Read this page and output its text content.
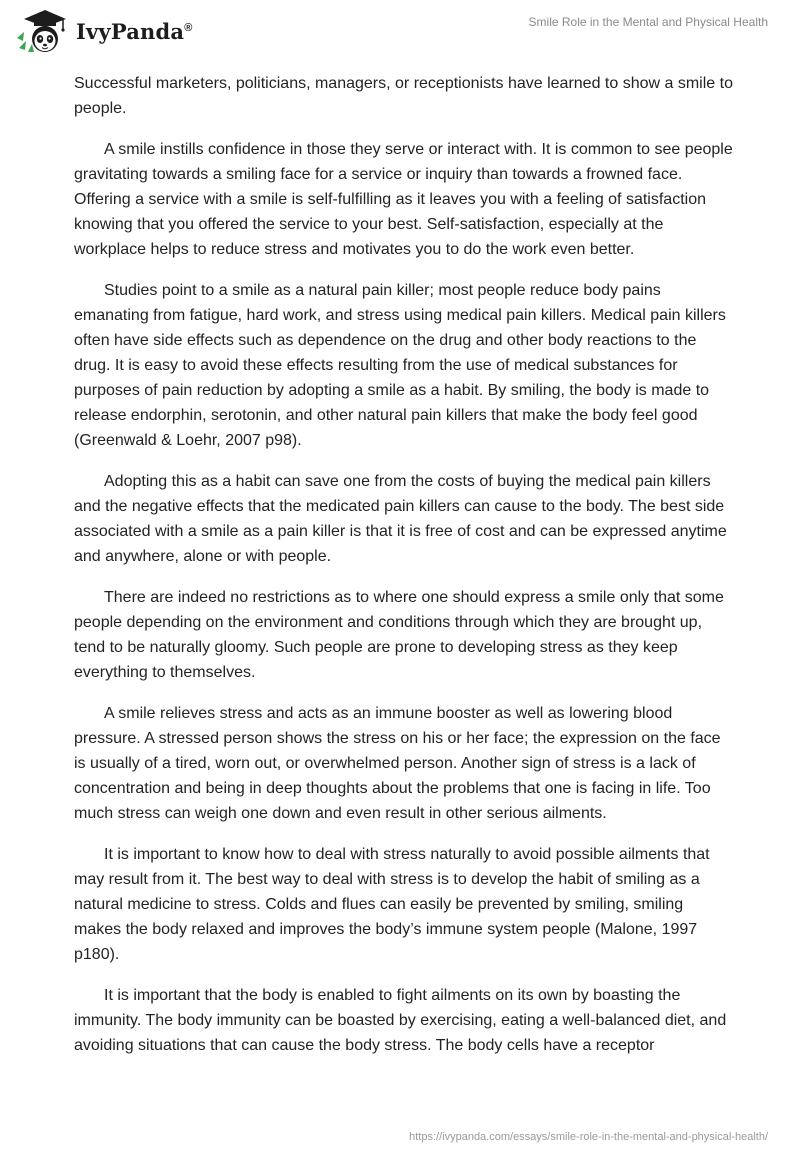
IvyPanda®	Smile Role in the Mental and Physical Health

Successful marketers, politicians, managers, or receptionists have learned to show a smile to people.

A smile instills confidence in those they serve or interact with. It is common to see people gravitating towards a smiling face for a service or inquiry than towards a frowned face. Offering a service with a smile is self-fulfilling as it leaves you with a feeling of satisfaction knowing that you offered the service to your best. Self-satisfaction, especially at the workplace helps to reduce stress and motivates you to do the work even better.

Studies point to a smile as a natural pain killer; most people reduce body pains emanating from fatigue, hard work, and stress using medical pain killers. Medical pain killers often have side effects such as dependence on the drug and other body reactions to the drug. It is easy to avoid these effects resulting from the use of medical substances for purposes of pain reduction by adopting a smile as a habit. By smiling, the body is made to release endorphin, serotonin, and other natural pain killers that make the body feel good (Greenwald & Loehr, 2007 p98).

Adopting this as a habit can save one from the costs of buying the medical pain killers and the negative effects that the medicated pain killers can cause to the body. The best side associated with a smile as a pain killer is that it is free of cost and can be expressed anytime and anywhere, alone or with people.

There are indeed no restrictions as to where one should express a smile only that some people depending on the environment and conditions through which they are brought up, tend to be naturally gloomy. Such people are prone to developing stress as they keep everything to themselves.

A smile relieves stress and acts as an immune booster as well as lowering blood pressure. A stressed person shows the stress on his or her face; the expression on the face is usually of a tired, worn out, or overwhelmed person. Another sign of stress is a lack of concentration and being in deep thoughts about the problems that one is facing in life. Too much stress can weigh one down and even result in other serious ailments.

It is important to know how to deal with stress naturally to avoid possible ailments that may result from it. The best way to deal with stress is to develop the habit of smiling as a natural medicine to stress. Colds and flues can easily be prevented by smiling, smiling makes the body relaxed and improves the body’s immune system people (Malone, 1997 p180).

It is important that the body is enabled to fight ailments on its own by boasting the immunity. The body immunity can be boasted by exercising, eating a well-balanced diet, and avoiding situations that can cause the body stress. The body cells have a receptor

https://ivypanda.com/essays/smile-role-in-the-mental-and-physical-health/
